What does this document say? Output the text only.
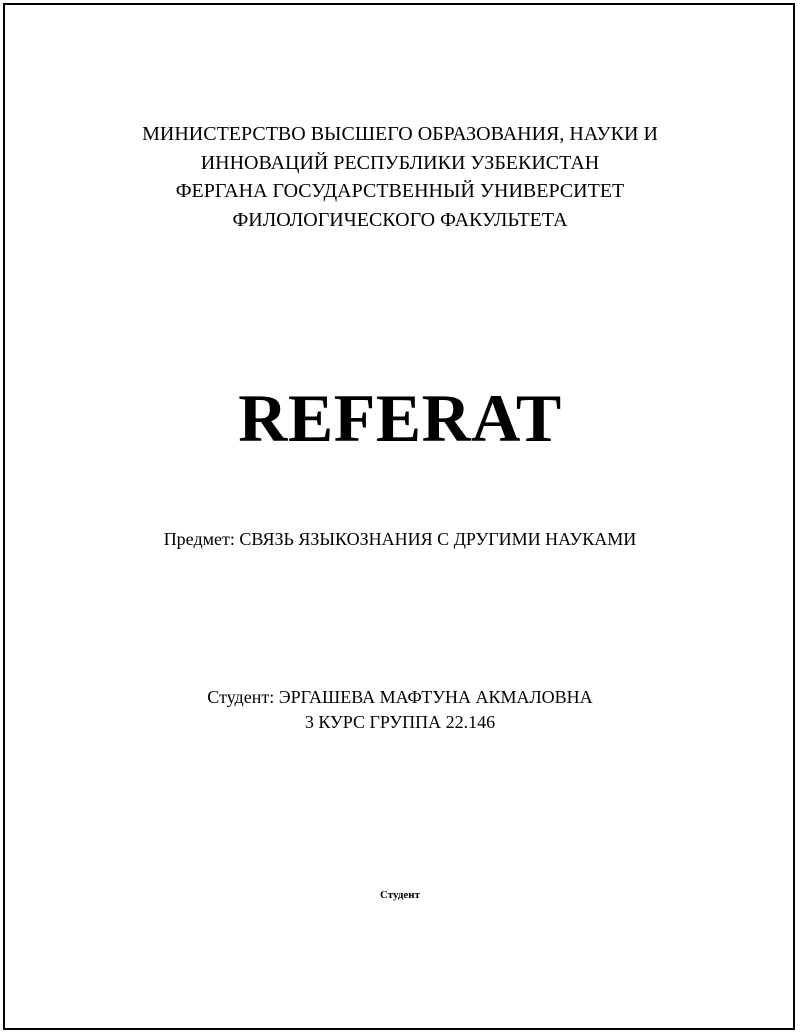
МИНИСТЕРСТВО ВЫСШЕГО ОБРАЗОВАНИЯ, НАУКИ И
ИННОВАЦИЙ РЕСПУБЛИКИ УЗБЕКИСТАН
ФЕРГАНА ГОСУДАРСТВЕННЫЙ УНИВЕРСИТЕТ
ФИЛОЛОГИЧЕСКОГО ФАКУЛЬТЕТА
REFERAT
Предмет: СВЯЗЬ ЯЗЫКОЗНАНИЯ С ДРУГИМИ НАУКАМИ
Студент: ЭРГАШЕВА МАФТУНА АКМАЛОВНА
3 КУРС ГРУППА 22.146
Студент
